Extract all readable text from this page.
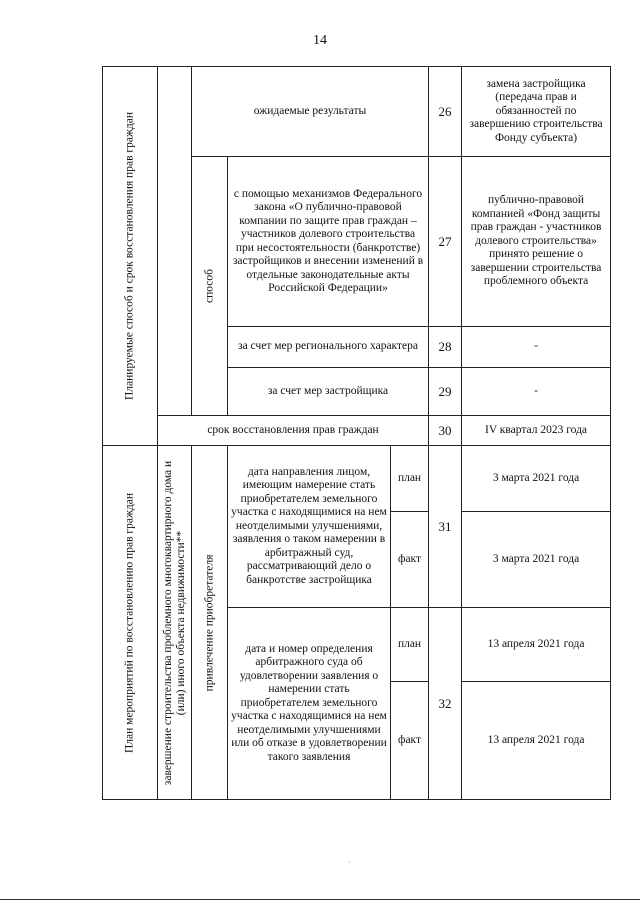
14
Планируемые способ и срок восстановления прав граждан		ожидаемые результаты			26	замена застройщика (передача прав и обязанностей по завершению строительства Фонду субъекта)

		способ	с помощью механизмов Федерального закона «О публично-правовой компании по защите прав граждан – участников долевого строительства при несостоятельности (банкротстве) застройщиков и внесении изменений в отдельные законодательные акты Российской Федерации»		27	публично-правовой компанией «Фонд защиты прав граждан - участников долевого строительства» принято решение о завершении строительства проблемного объекта
			за счет мер регионального характера		28	-
			за счет мер застройщика		29	-
	срок восстановления прав граждан				30	IV квартал 2023 года

План мероприятий по восстановлению прав граждан	завершение строительства проблемного многоквартирного дома и (или) иного объекта недвижимости**	привлечение приобретателя	дата направления лицом, имеющим намерение стать приобретателем земельного участка с находящимися на нем неотделимыми улучшениями, заявления о таком намерении в арбитражный суд, рассматривающий дело о банкротстве застройщика	план	31	3 марта 2021 года
				факт		3 марта 2021 года
			дата и номер определения арбитражного суда об удовлетворении заявления о намерении стать приобретателем земельного участка с находящимися на нем неотделимыми улучшениями или об отказе в удовлетворении такого заявления	план	32	13 апреля 2021 года
				факт		13 апреля 2021 года
·
